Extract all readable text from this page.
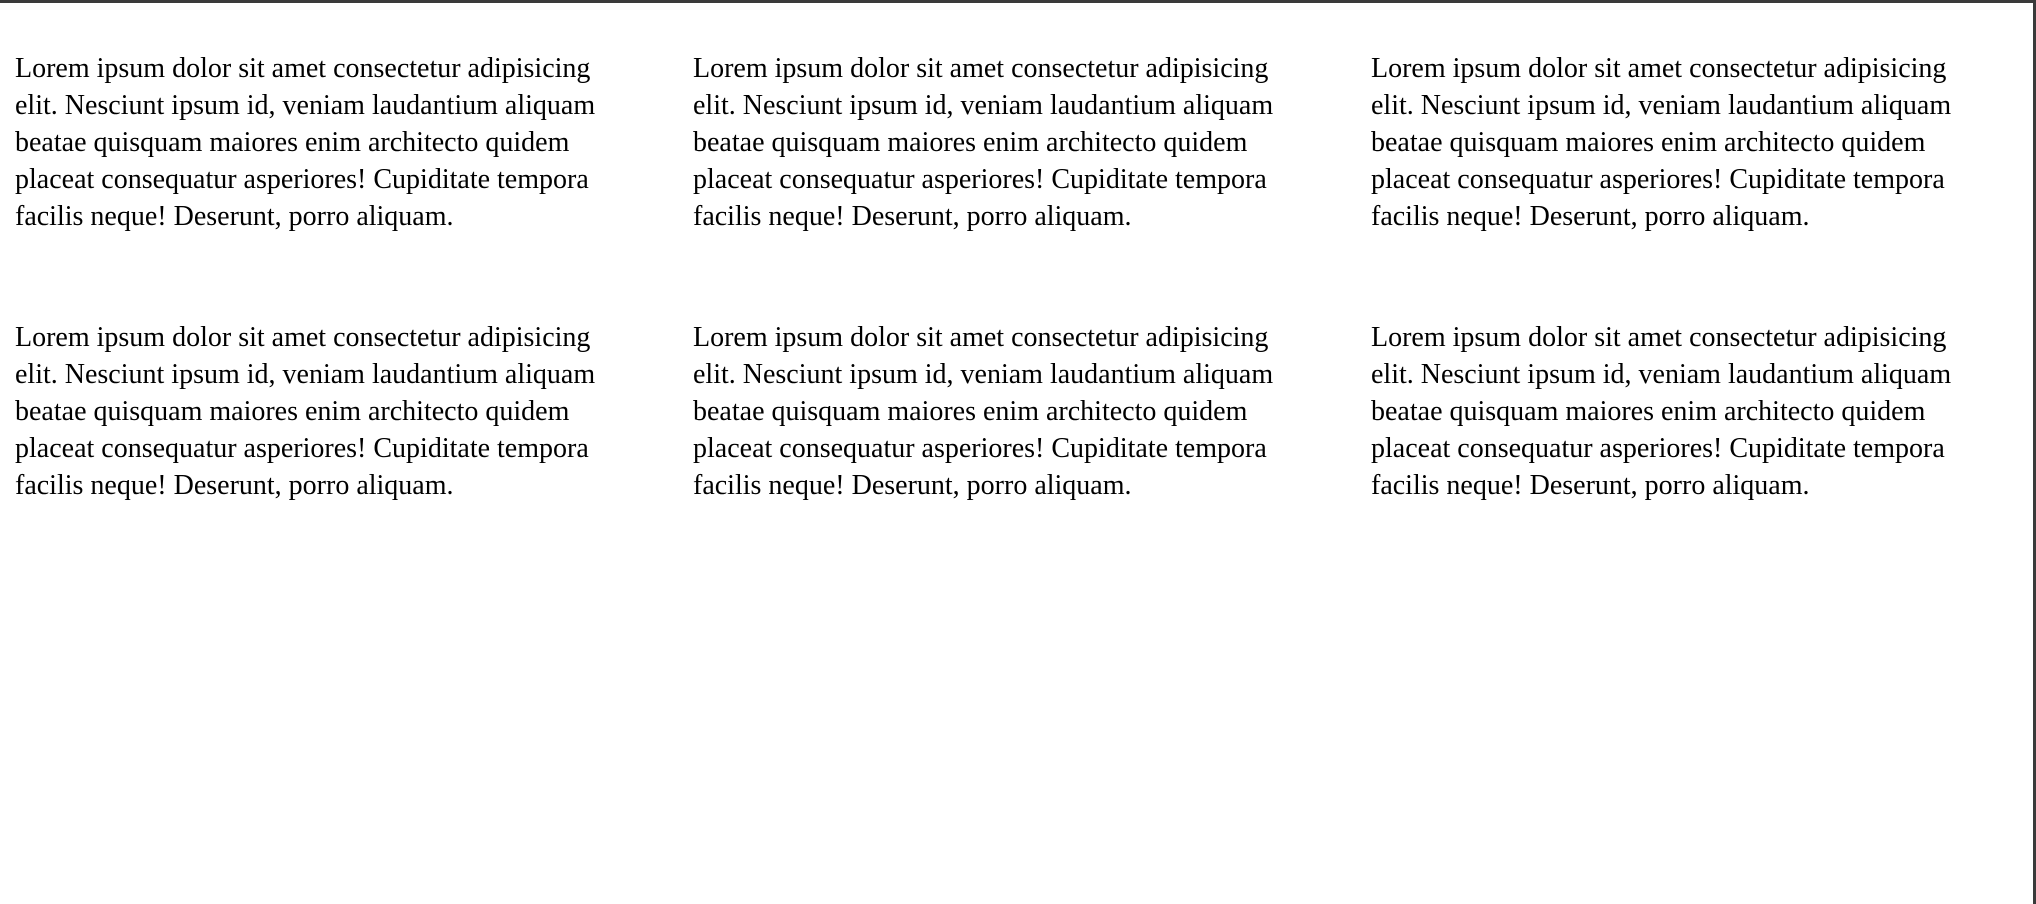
Lorem ipsum dolor sit amet consectetur adipisicing elit. Nesciunt ipsum id, veniam laudantium aliquam beatae quisquam maiores enim architecto quidem placeat consequatur asperiores! Cupiditate tempora facilis neque! Deserunt, porro aliquam.

Lorem ipsum dolor sit amet consectetur adipisicing elit. Nesciunt ipsum id, veniam laudantium aliquam beatae quisquam maiores enim architecto quidem placeat consequatur asperiores! Cupiditate tempora facilis neque! Deserunt, porro aliquam.

Lorem ipsum dolor sit amet consectetur adipisicing elit. Nesciunt ipsum id, veniam laudantium aliquam beatae quisquam maiores enim architecto quidem placeat consequatur asperiores! Cupiditate tempora facilis neque! Deserunt, porro aliquam.

Lorem ipsum dolor sit amet consectetur adipisicing elit. Nesciunt ipsum id, veniam laudantium aliquam beatae quisquam maiores enim architecto quidem placeat consequatur asperiores! Cupiditate tempora facilis neque! Deserunt, porro aliquam.

Lorem ipsum dolor sit amet consectetur adipisicing elit. Nesciunt ipsum id, veniam laudantium aliquam beatae quisquam maiores enim architecto quidem placeat consequatur asperiores! Cupiditate tempora facilis neque! Deserunt, porro aliquam.

Lorem ipsum dolor sit amet consectetur adipisicing elit. Nesciunt ipsum id, veniam laudantium aliquam beatae quisquam maiores enim architecto quidem placeat consequatur asperiores! Cupiditate tempora facilis neque! Deserunt, porro aliquam.
